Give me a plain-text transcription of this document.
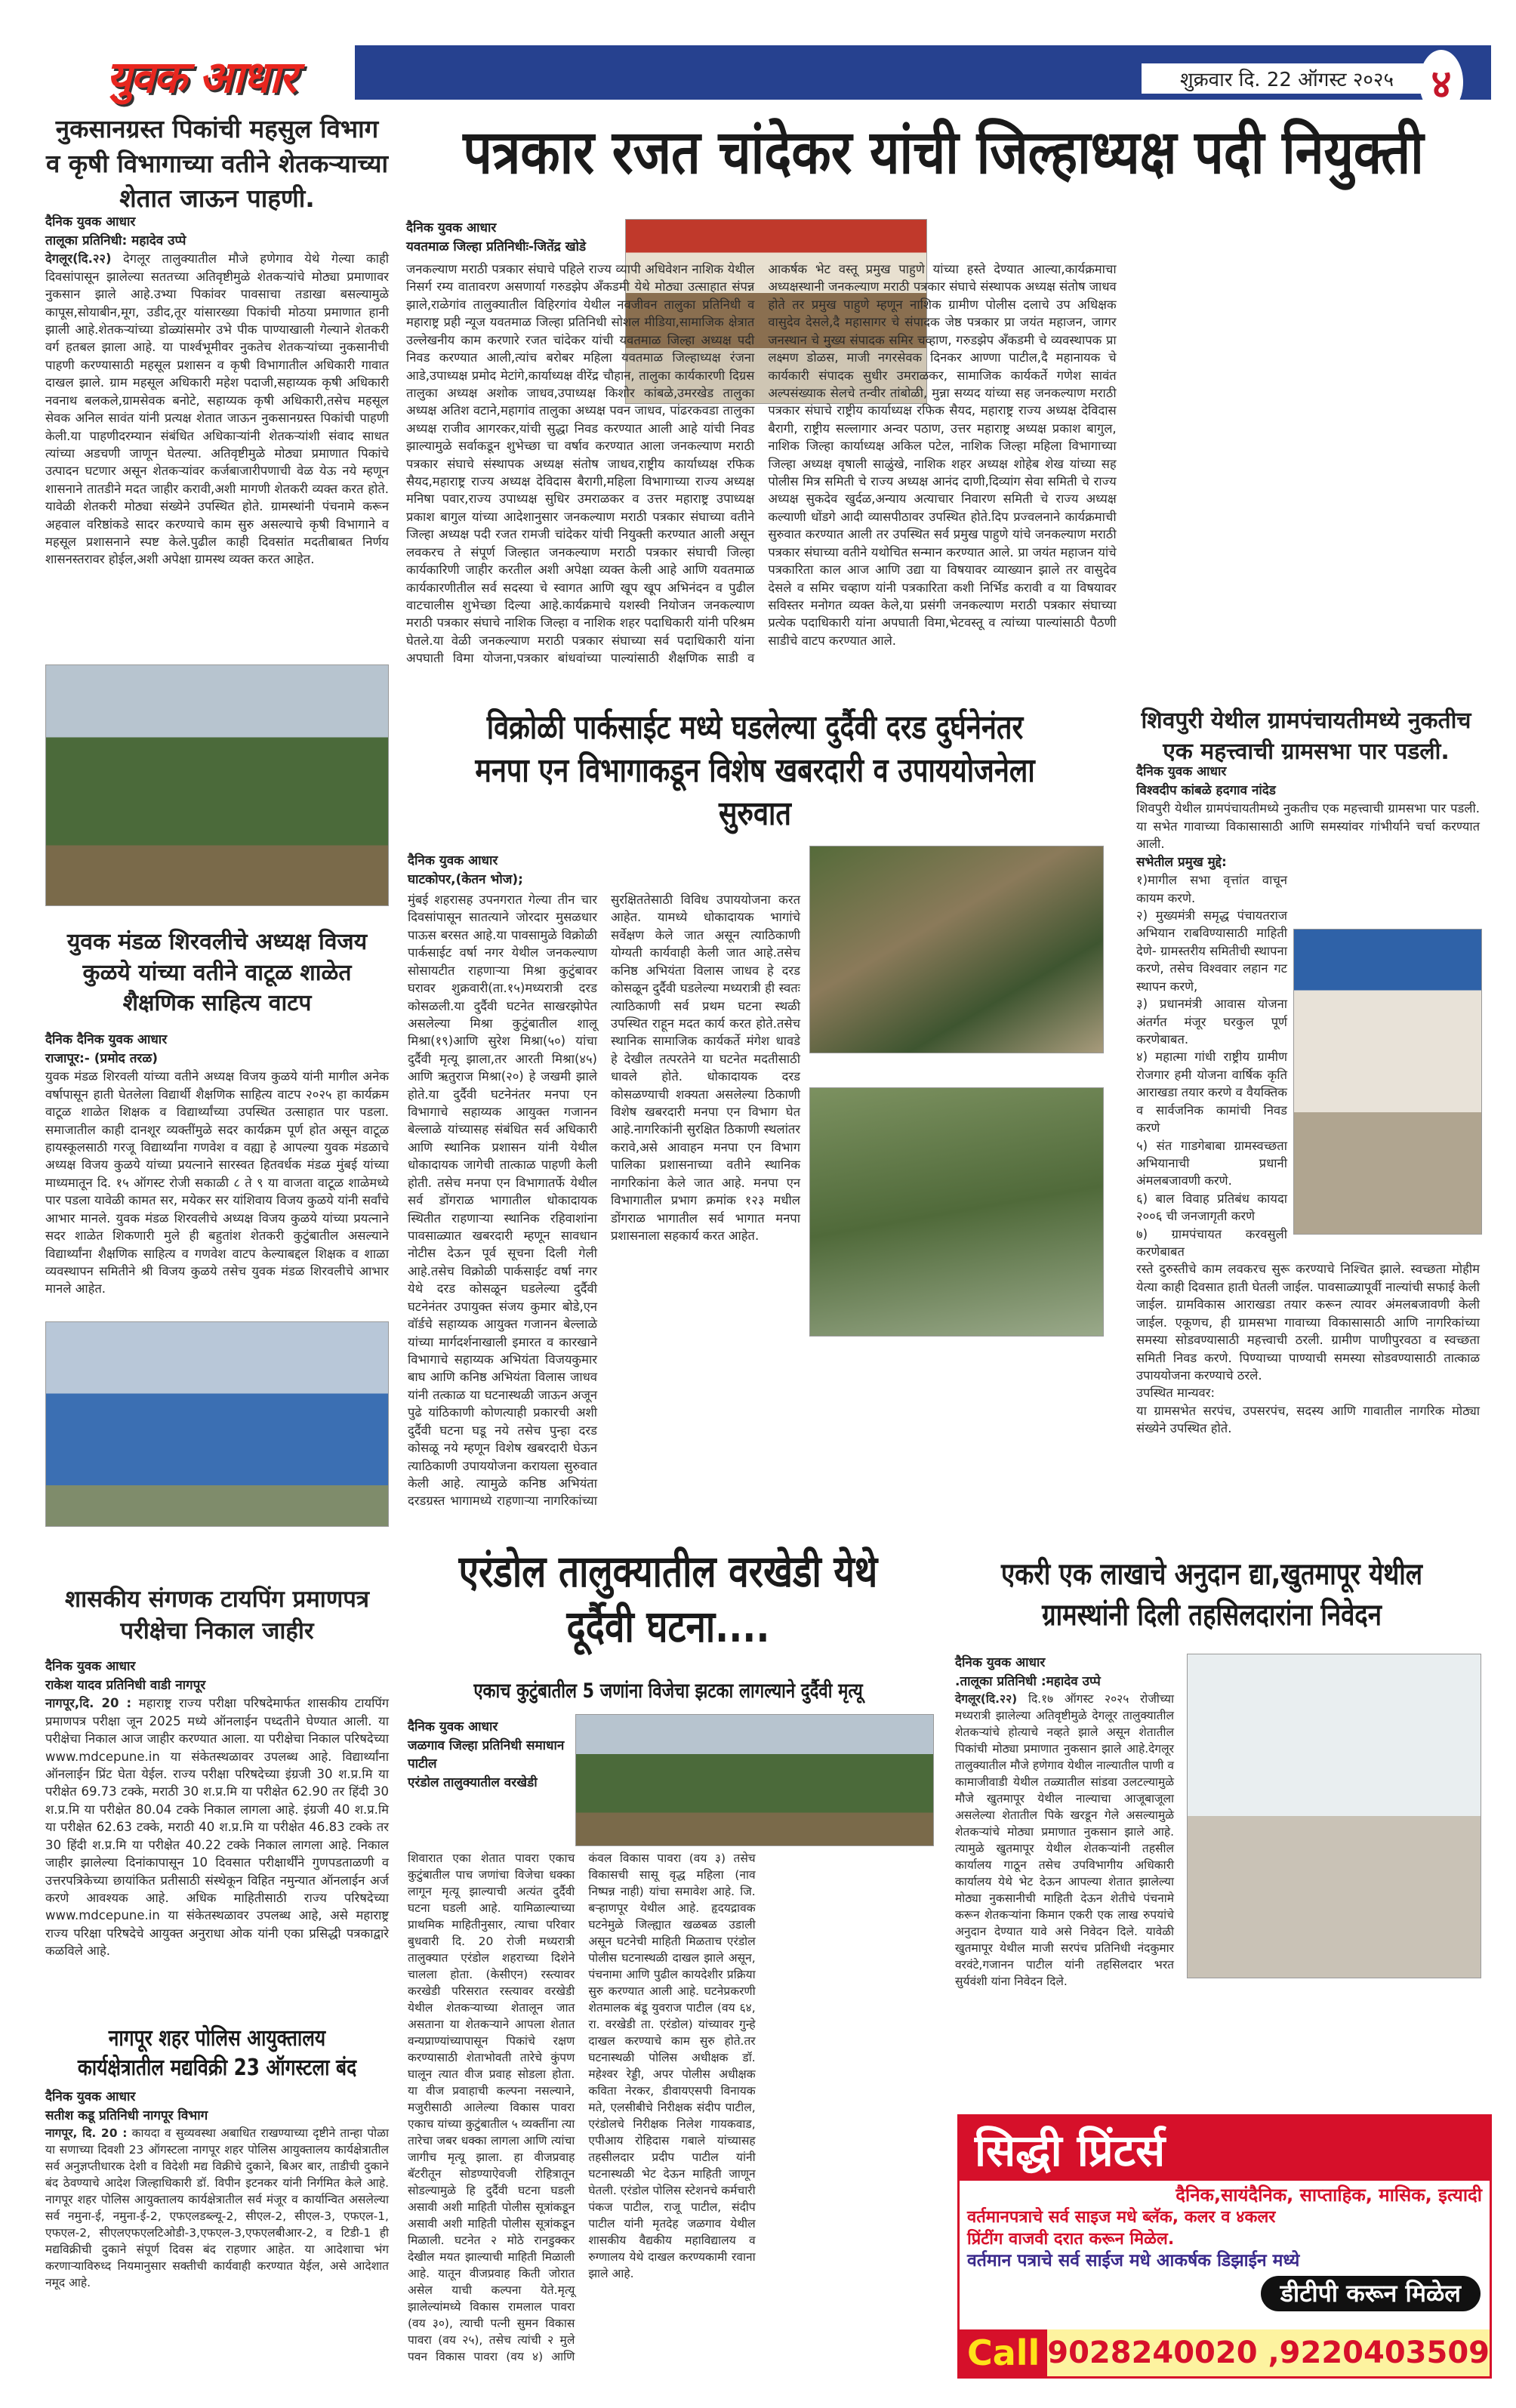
युवक आधार	शुक्रवार दि. 22 ऑगस्ट २०२५ ४
नुकसानग्रस्त पिकांची महसुल विभाग व कृषी विभागाच्या वतीने शेतकऱ्याच्या शेतात जाऊन पाहणी.
दैनिक युवक आधार
तालूका प्रतिनिधी: महादेव उप्पे
देगलूर(दि.२२) देगलूर तालुक्यातील मौजे हणेगाव येथे गेल्या काही दिवसांपासून झालेल्या सततच्या अतिवृष्टीमुळे शेतकऱ्यांचे मोठ्या प्रमाणावर नुकसान झाले आहे.उभ्या पिकांवर पावसाचा तडाखा बसल्यामुळे कापूस,सोयाबीन,मूग, उडीद,तूर यांसारख्या पिकांची मोठया प्रमाणात हानी झाली आहे.शेतकऱ्यांच्या डोळ्यांसमोर उभे पीक पाण्याखाली गेल्याने शेतकरी वर्ग हतबल झाला आहे. या पार्श्वभूमीवर नुकतेच शेतकऱ्यांच्या नुकसानीची पाहणी करण्यासाठी महसूल प्रशासन व कृषी विभागातील अधिकारी गावात दाखल झाले. ग्राम महसूल अधिकारी महेश पदाजी,सहाय्यक कृषी अधिकारी नवनाथ बलकले,ग्रामसेवक बनोटे, सहाय्यक कृषी अधिकारी,तसेच महसूल सेवक अनिल सावंत यांनी प्रत्यक्ष शेतात जाऊन नुकसानग्रस्त पिकांची पाहणी केली.या पाहणीदरम्यान संबंधित अधिकाऱ्यांनी शेतकऱ्यांशी संवाद साधत त्यांच्या अडचणी जाणून घेतल्या. अतिवृष्टीमुळे मोठ्या प्रमाणात पिकांचे उत्पादन घटणार असून शेतकऱ्यांवर कर्जबाजारीपणाची वेळ येऊ नये म्हणून शासनाने तातडीने मदत जाहीर करावी,अशी मागणी शेतकरी व्यक्त करत होते. यावेळी शेतकरी मोठ्या संख्येने उपस्थित होते. ग्रामस्थांनी पंचनामे करून अहवाल वरिष्ठांकडे सादर करण्याचे काम सुरु असल्याचे कृषी विभागाने व महसूल प्रशासनाने स्पष्ट केले.पुढील काही दिवसांत मदतीबाबत निर्णय शासनस्तरावर होईल,अशी अपेक्षा ग्रामस्थ व्यक्त करत आहेत.
पत्रकार रजत चांदेकर यांची जिल्हाध्यक्ष पदी नियुक्ती
दैनिक युवक आधार
यवतमाळ जिल्हा प्रतिनिधीः-जितेंद्र खोडे
जनकल्याण मराठी पत्रकार संघाचे पहिले राज्य व्यापी अधिवेशन नाशिक येथील निसर्ग रम्य वातावरण असणार्या गरुडझेप अँकडमी येथे मोठ्या उत्साहात संपन्न झाले,राळेगांव तालुक्यातील विहिरगांव येथील नवजीवन तालुका प्रतिनिधी व महाराष्ट्र प्रही न्यूज यवतमाळ जिल्हा प्रतिनिधी सोशल मीडिया,सामाजिक क्षेत्रात उल्लेखनीय काम करणारे रजत चांदेकर यांची यवतमाळ जिल्हा अध्यक्ष पदी निवड करण्यात आली,त्यांच बरोबर महिला यवतमाळ जिल्हाध्यक्ष रंजना आडे,उपाध्यक्ष प्रमोद मेटांगे,कार्याध्यक्ष वीरेंद्र चौहान, तालुका कार्यकारणी दिग्रस तालुका अध्यक्ष अशोक जाधव,उपाध्यक्ष किशोर कांबळे,उमरखेड तालुका अध्यक्ष अतिश वटाने,महागांव तालुका अध्यक्ष पवन जाधव, पांढरकवडा तालुका अध्यक्ष राजीव आगरकर,यांची सुद्धा निवड करण्यात आली आहे यांची निवड झाल्यामुळे सर्वाकडून शुभेच्छा चा वर्षाव करण्यात आला जनकल्याण मराठी पत्रकार संघाचे संस्थापक अध्यक्ष संतोष जाधव,राष्ट्रीय कार्याध्यक्ष रफिक सैयद,महाराष्ट्र राज्य अध्यक्ष देविदास बैरागी,महिला विभागाच्या राज्य अध्यक्ष मनिषा पवार,राज्य उपाध्यक्ष सुधिर उमराळकर व उत्तर महाराष्ट्र उपाध्यक्ष प्रकाश बागुल यांच्या आदेशानुसार जनकल्याण मराठी पत्रकार संघाच्या वतीने जिल्हा अध्यक्ष पदी रजत रामजी चांदेकर यांची नियुक्ती करण्यात आली असून लवकरच ते संपूर्ण जिल्हात जनकल्याण मराठी पत्रकार संघाची जिल्हा कार्यकारिणी जाहीर करतील अशी अपेक्षा व्यक्त केली आहे आणि यवतमाळ कार्यकारणीतील सर्व सदस्या चे स्वागत आणि खूप खूप अभिनंदन व पुढील वाटचालीस शुभेच्छा दिल्या आहे.कार्यक्रमाचे यशस्वी नियोजन जनकल्याण मराठी पत्रकार संघाचे नाशिक जिल्हा व नाशिक शहर पदाधिकारी यांनी परिश्रम घेतले.या वेळी जनकल्याण मराठी पत्रकार संघाच्या सर्व पदाधिकारी यांना अपघाती विमा योजना,पत्रकार बांधवांच्या पाल्यांसाठी शैक्षणिक साडी व आकर्षक भेट वस्तू प्रमुख पाहुणे यांच्या हस्ते देण्यात आल्या,कार्यक्रमाचा अध्यक्षस्थानी जनकल्याण मराठी पत्रकार संघाचे संस्थापक अध्यक्ष संतोष जाधव होते तर प्रमुख पाहुणे म्हणून नाशिक ग्रामीण पोलीस दलाचे उप अधिक्षक वासुदेव देसले,दै महासागर चे संपादक जेष्ठ पत्रकार प्रा जयंत महाजन, जागर जनस्थान चे मुख्य संपादक समिर चव्हाण, गरुडझेप अँकडमी चे व्यवस्थापक प्रा लक्ष्मण डोळस, माजी नगरसेवक दिनकर आण्णा पाटील,दै महानायक चे कार्यकारी संपादक सुधीर उमराळकर, सामाजिक कार्यकर्ते गणेश सावंत अल्पसंख्याक सेलचे तन्वीर तांबोळी, मुन्ना सय्यद यांच्या सह जनकल्याण मराठी पत्रकार संघाचे राष्ट्रीय कार्याध्यक्ष रफिक सैयद, महाराष्ट्र राज्य अध्यक्ष देविदास बैरागी, राष्ट्रीय सल्लागार अन्वर पठाण, उत्तर महाराष्ट्र अध्यक्ष प्रकाश बागुल, नाशिक जिल्हा कार्याध्यक्ष अकिल पटेल, नाशिक जिल्हा महिला विभागाच्या जिल्हा अध्यक्ष वृषाली साळुंखे, नाशिक शहर अध्यक्ष शोहेब शेख यांच्या सह पोलीस मित्र समिती चे राज्य अध्यक्ष आनंद दाणी,दिव्यांग सेवा समिती चे राज्य अध्यक्ष सुकदेव खुर्दळ,अन्याय अत्याचार निवारण समिती चे राज्य अध्यक्ष कल्याणी धोंडगे आदी व्यासपीठावर उपस्थित होते.दिप प्रज्वलनाने कार्यक्रमाची सुरुवात करण्यात आली तर उपस्थित सर्व प्रमुख पाहुणे यांचे जनकल्याण मराठी पत्रकार संघाच्या वतीने यथोचित सन्मान करण्यात आले. प्रा जयंत महाजन यांचे पत्रकारिता काल आज आणि उद्या या विषयावर व्याख्यान झाले तर वासुदेव देसले व समिर चव्हाण यांनी पत्रकारिता कशी निर्भिड करावी व या विषयावर सविस्तर मनोगत व्यक्त केले,या प्रसंगी जनकल्याण मराठी पत्रकार संघाच्या प्रत्येक पदाधिकारी यांना अपघाती विमा,भेटवस्तू व त्यांच्या पाल्यांसाठी पैठणी साडीचे वाटप करण्यात आले.
युवक मंडळ शिरवलीचे अध्यक्ष विजय कुळये यांच्या वतीने वाटूळ शाळेत शैक्षणिक साहित्य वाटप
दैनिक दैनिक युवक आधार
राजापूर:- (प्रमोद तरळ)
युवक मंडळ शिरवली यांच्या वतीने अध्यक्ष विजय कुळये यांनी मागील अनेक वर्षापासून हाती घेतलेला विद्यार्थी शैक्षणिक साहित्य वाटप २०२५ हा कार्यक्रम वाटूळ शाळेत शिक्षक व विद्यार्थ्यांच्या उपस्थित उत्साहात पार पडला. समाजातील काही दानशूर व्यक्तींमुळे सदर कार्यक्रम पूर्ण होत असून वाटूळ हायस्कूलसाठी गरजू विद्यार्थ्यांना गणवेश व वह्या हे आपल्या युवक मंडळाचे अध्यक्ष विजय कुळये यांच्या प्रयत्नाने सारस्वत हितवर्धक मंडळ मुंबई यांच्या माध्यमातून दि. १५ ऑगस्ट रोजी सकाळी ८ ते ९ या वाजता वाटूळ शाळेमध्ये पार पडला यावेळी कामत सर, मयेकर सर यांशिवाय विजय कुळये यांनी सर्वांचे आभार मानले. युवक मंडळ शिरवलीचे अध्यक्ष विजय कुळये यांच्या प्रयत्नाने सदर शाळेत शिकणारी मुले ही बहुतांश शेतकरी कुटुंबातील असल्याने विद्यार्थ्यांना शैक्षणिक साहित्य व गणवेश वाटप केल्याबद्दल शिक्षक व शाळा व्यवस्थापन समितीने श्री विजय कुळये तसेच युवक मंडळ शिरवलीचे आभार मानले आहेत.
विक्रोळी पार्कसाईट मध्ये घडलेल्या दुर्दैवी दरड दुर्घनेनंतर मनपा एन विभागाकडून विशेष खबरदारी व उपाययोजनेला सुरुवात
दैनिक युवक आधार
घाटकोपर,(केतन भोज);
मुंबई शहरासह उपनगरात गेल्या तीन चार दिवसांपासून सातत्याने जोरदार मुसळधार पाऊस बरसत आहे.या पावसामुळे विक्रोळी पार्कसाईट वर्षा नगर येथील जनकल्याण सोसायटीत राहणाऱ्या मिश्रा कुटुंबावर घरावर शुक्रवारी(ता.१५)मध्यरात्री दरड कोसळली.या दुर्दैवी घटनेत साखरझोपेत असलेल्या मिश्रा कुटुंबातील शालू मिश्रा(१९)आणि सुरेश मिश्रा(५०) यांचा दुर्दैवी मृत्यू झाला,तर आरती मिश्रा(४५) आणि ऋतुराज मिश्रा(२०) हे जखमी झाले होते.या दुर्दैवी घटनेनंतर मनपा एन विभागाचे सहाय्यक आयुक्त गजानन बेल्लाळे यांच्यासह संबंधित सर्व अधिकारी आणि स्थानिक प्रशासन यांनी येथील धोकादायक जागेची तात्काळ पाहणी केली होती. तसेच मनपा एन विभागातर्फे येथील सर्व डोंगराळ भागातील धोकादायक स्थितीत राहणाऱ्या स्थानिक रहिवाशांना पावसाळ्यात खबरदारी म्हणून सावधान नोटीस देऊन पूर्व सूचना दिली गेली आहे.तसेच विक्रोळी पार्कसाईट वर्षा नगर येथे दरड कोसळून घडलेल्या दुर्दैवी घटनेनंतर उपायुक्त संजय कुमार बोडे,एन वॉर्डचे सहाय्यक आयुक्त गजानन बेल्लाळे यांच्या मार्गदर्शनाखाली इमारत व कारखाने विभागाचे सहाय्यक अभियंता विजयकुमार बाघ आणि कनिष्ठ अभियंता विलास जाधव यांनी तत्काळ या घटनास्थळी जाऊन अजून पुढे यांठिकाणी कोणत्याही प्रकारची अशी दुर्दैवी घटना घडू नये तसेच पुन्हा दरड कोसळू नये म्हणून विशेष खबरदारी घेऊन त्याठिकाणी उपाययोजना करायला सुरुवात केली आहे. त्यामुळे कनिष्ठ अभियंता दरडग्रस्त भागामध्ये राहणाऱ्या नागरिकांच्या सुरक्षिततेसाठी विविध उपाययोजना करत आहेत. यामध्ये धोकादायक भागांचे सर्वेक्षण केले जात असून त्याठिकाणी योग्यती कार्यवाही केली जात आहे.तसेच कनिष्ठ अभियंता विलास जाधव हे दरड कोसळून दुर्दैवी घडलेल्या मध्यरात्री ही स्वतः त्याठिकाणी सर्व प्रथम घटना स्थळी उपस्थित राहून मदत कार्य करत होते.तसेच स्थानिक सामाजिक कार्यकर्ते मंगेश धावडे हे देखील तत्परतेने या घटनेत मदतीसाठी धावले होते. धोकादायक दरड कोसळण्याची शक्यता असलेल्या ठिकाणी विशेष खबरदारी मनपा एन विभाग घेत आहे.नागरिकांनी सुरक्षित ठिकाणी स्थलांतर करावे,असे आवाहन मनपा एन विभाग पालिका प्रशासनाच्या वतीने स्थानिक नागरिकांना केले जात आहे. मनपा एन विभागातील प्रभाग क्रमांक १२३ मधील डोंगराळ भागातील सर्व भागात मनपा प्रशासनाला सहकार्य करत आहेत.
शिवपुरी येथील ग्रामपंचायतीमध्ये नुकतीच एक महत्त्वाची ग्रामसभा पार पडली.
दैनिक युवक आधार
विश्वदीप कांबळे हदगाव नांदेड
शिवपुरी येथील ग्रामपंचायतीमध्ये नुकतीच एक महत्त्वाची ग्रामसभा पार पडली. या सभेत गावाच्या विकासासाठी आणि समस्यांवर गांभीर्याने चर्चा करण्यात आली.
सभेतील प्रमुख मुद्दे:
१)मागील सभा वृत्तांत वाचून कायम करणे.
२) मुख्यमंत्री समृद्ध पंचायतराज अभियान राबविण्यासाठी माहिती देणे- ग्रामस्तरीय समितीची स्थापना करणे, तसेच विश्ववार लहान गट स्थापन करणे,
३) प्रधानमंत्री आवास योजना अंतर्गत मंजूर घरकुल पूर्ण करणेबाबत.
४) महात्मा गांधी राष्ट्रीय ग्रामीण रोजगार हमी योजना वार्षिक कृति आराखडा तयार करणे व वैयक्तिक व सार्वजनिक कामांची निवड करणे
५) संत गाडगेबाबा ग्रामस्वच्छता अभियानाची प्रधानी अंमलबजावणी करणे.
६) बाल विवाह प्रतिबंध कायदा २००६ ची जनजागृती करणे
७) ग्रामपंचायत करवसुली करणेबाबत
रस्ते दुरुस्तीचे काम लवकरच सुरू करण्याचे निश्चित झाले. स्वच्छता मोहीम येत्या काही दिवसात हाती घेतली जाईल. पावसाळ्यापूर्वी नाल्यांची सफाई केली जाईल. ग्रामविकास आराखडा तयार करून त्यावर अंमलबजावणी केली जाईल. एकूणच, ही ग्रामसभा गावाच्या विकासासाठी आणि नागरिकांच्या समस्या सोडवण्यासाठी महत्त्वाची ठरली. ग्रामीण पाणीपुरवठा व स्वच्छता समिती निवड करणे. पिण्याच्या पाण्याची समस्या सोडवण्यासाठी तात्काळ उपाययोजना करण्याचे ठरले.
उपस्थित मान्यवर:
या ग्रामसभेत सरपंच, उपसरपंच, सदस्य आणि गावातील नागरिक मोठ्या संख्येने उपस्थित होते.
शासकीय संगणक टायपिंग प्रमाणपत्र परीक्षेचा निकाल जाहीर
दैनिक युवक आधार
राकेश यादव प्रतिनिधी वाडी नागपूर
नागपूर,दि. 20 : महाराष्ट्र राज्य परीक्षा परिषदेमार्फत शासकीय टायपिंग प्रमाणपत्र परीक्षा जून 2025 मध्ये ऑनलाईन पध्दतीने घेण्यात आली. या परीक्षेचा निकाल आज जाहीर करण्यात आला. या परीक्षेचा निकाल परिषदेच्या www.mdcepune.in या संकेतस्थळावर उपलब्ध आहे. विद्यार्थ्यांना ऑनलाईन प्रिंट घेता येईल. राज्य परीक्षा परिषदेच्या इंग्रजी 30 श.प्र.मि या परीक्षेत 69.73 टक्के, मराठी 30 श.प्र.मि या परीक्षेत 62.90 तर हिंदी 30 श.प्र.मि या परीक्षेत 80.04 टक्के निकाल लागला आहे. इंग्रजी 40 श.प्र.मि या परीक्षेत 62.63 टक्के, मराठी 40 श.प्र.मि या परीक्षेत 46.83 टक्के तर 30 हिंदी श.प्र.मि या परीक्षेत 40.22 टक्के निकाल लागला आहे. निकाल जाहीर झालेल्या दिनांकापासून 10 दिवसात परीक्षार्थींने गुणपडताळणी व उत्तरपत्रिकेच्या छायांकित प्रतीसाठी संस्थेकून विहित नमुन्यात ऑनलाईन अर्ज करणे आवश्यक आहे. अधिक माहितीसाठी राज्य परिषदेच्या www.mdcepune.in या संकेतस्थळावर उपलब्ध आहे, असे महाराष्ट्र राज्य परिक्षा परिषदेचे आयुक्त अनुराधा ओक यांनी एका प्रसिद्धी पत्रकाद्वारे कळविले आहे.
नागपूर शहर पोलिस आयुक्तालय कार्यक्षेत्रातील मद्यविक्री 23 ऑगस्टला बंद
दैनिक युवक आधार
सतीश कडू प्रतिनिधी नागपूर विभाग
नागपूर, दि. 20 : कायदा व सुव्यवस्था अबाधित राखण्याच्या दृष्टीने तान्हा पोळा या सणाच्या दिवशी 23 ऑगस्टला नागपूर शहर पोलिस आयुक्तालय कार्यक्षेत्रातील सर्व अनुज्ञप्तीधारक देशी व विदेशी मद्य विक्रीचे दुकाने, बिअर बार, ताडीची दुकाने बंद ठेवण्याचे आदेश जिल्हाधिकारी डॉ. विपीन इटनकर यांनी निर्गमित केले आहे. नागपूर शहर पोलिस आयुक्तालय कार्यक्षेत्रातील सर्व मंजूर व कार्यान्वित असलेल्या सर्व नमुना-ई, नमुना-ई-2, एफएलडब्ल्यू-2, सीएल-2, सीएल-3, एफएल-1, एफएल-2, सीएलएफएलटिओडी-3,एफएल-3,एफएलबीआर-2, व टिडी-1 ही मद्यविक्रीची दुकाने संपूर्ण दिवस बंद राहणार आहेत. या आदेशाचा भंग करणाऱ्याविरुध्द नियमानुसार सक्तीची कार्यवाही करण्यात येईल, असे आदेशात नमूद आहे.
एरंडोल तालुक्यातील वरखेडी येथे दूर्दैवी घटना....
एकाच कुटुंबातील 5 जणांना विजेचा झटका लागल्याने दुर्दैवी मृत्यू
दैनिक युवक आधार
जळगाव जिल्हा प्रतिनिधी समाधान पाटील
एरंडोल तालुक्यातील वरखेडी
शिवारात एका शेतात पावरा एकाच कुटुंबातील पाच जणांचा विजेचा धक्का लागून मृत्यू झाल्याची अत्यंत दुर्दैवी घटना घडली आहे. यामिळाल्याच्या प्राथमिक माहितीनुसार, त्याचा परिवार बुधवारी दि. 20 रोजी मध्यरात्री तालुक्यात एरंडोल शहराच्या दिशेने चालला होता. (केसीएन) रस्त्यावर करखेडी परिसरात रस्त्यावर वरखेडी येथील शेतकऱ्याच्या शेतालून जात असताना या शेतकऱ्याने आपला शेतात वन्यप्राण्यांच्यापासून पिकांचे रक्षण करण्यासाठी शेताभोवती तारेचे कुंपण घालून त्यात वीज प्रवाह सोडला होता. या वीज प्रवाहाची कल्पना नसल्याने, मजुरीसाठी आलेल्या विकास पावरा एकाच यांच्या कुटुंबातील ५ व्यक्तींना त्या तारेचा जबर धक्का लागला आणि त्यांचा जागीच मृत्यू झाला. हा वीजप्रवाह बॅटरीतून सोडण्याऐवजी रोहित्रातून सोडल्यामुळे हि दुर्दैवी घटना घडली असावी अशी माहिती पोलीस सूत्रांकडून असावी अशी माहिती पोलीस सूत्रांकडून मिळाली. घटनेत २ मोठे रानडुक्कर देखील मयत झाल्याची माहिती मिळाली आहे. यातून वीजप्रवाह किती जोरात असेल याची कल्पना येते.मृत्यू झालेल्यांमध्ये विकास रामलाल पावरा (वय ३०), त्याची पत्नी सुमन विकास पावरा (वय २५), तसेच त्यांची २ मुले पवन विकास पावरा (वय ४) आणि कंवल विकास पावरा (वय ३) तसेच विकासची सासू वृद्ध महिला (नाव निष्पन्न नाही) यांचा समावेश आहे. जि. बऱ्हाणपूर येथील आहे. हृदयद्रावक घटनेमुळे जिल्ह्यात खळबळ उडाली असून घटनेची माहिती मिळताच एरंडोल पोलीस घटनास्थळी दाखल झाले असून, पंचनामा आणि पुढील कायदेशीर प्रक्रिया सुरु करण्यात आली आहे. घटनेप्रकरणी शेतमालक बंडू युवराज पाटील (वय ६४, रा. वरखेडी ता. एरंडोल) यांच्यावर गुन्हे दाखल करण्याचे काम सुरु होते.तर घटनास्थळी पोलिस अधीक्षक डॉ. महेश्वर रेड्डी, अपर पोलीस अधीक्षक कविता नेरकर, डीवायएसपी विनायक मते, एलसीबीचे निरीक्षक संदीप पाटील, एरंडोलचे निरीक्षक निलेश गायकवाड, एपीआय रोहिदास गबाले यांच्यासह तहसीलदार प्रदीप पाटील यांनी घटनास्थळी भेट देऊन माहिती जाणून घेतली. एरंडोल पोलिस स्टेशनचे कर्मचारी पंकज पाटील, राजू पाटील, संदीप पाटील यांनी मृतदेह जळगाव येथील शासकीय वैद्यकीय महाविद्यालय व रुग्णालय येथे दाखल करण्यकामी रवाना झाले आहे.
एकरी एक लाखाचे अनुदान द्या,खुतमापूर येथील ग्रामस्थांनी दिली तहसिलदारांना निवेदन
दैनिक युवक आधार
.तालूका प्रतिनिधी :महादेव उप्पे
देगलूर(दि.२२) दि.१७ ऑगस्ट २०२५ रोजीच्या मध्यरात्री झालेल्या अतिवृष्टीमुळे देगलूर तालुक्यातील शेतकऱ्यांचे होत्याचे नव्हते झाले असून शेतातील पिकांची मोठ्या प्रमाणात नुकसान झाले आहे.देगलूर तालुक्यातील मौजे हणेगाव येथील नाल्यातील पाणी व कामाजीवाडी येथील तळ्यातील सांडवा उलटल्यामुळे मौजे खुतमापूर येथील नाल्याचा आजूबाजूला असलेल्या शेतातील पिके खरडून गेले असल्यामुळे शेतकऱ्यांचे मोठ्या प्रमाणात नुकसान झाले आहे. त्यामुळे खुतमापूर येथील शेतकऱ्यांनी तहसील कार्यालय गाठून तसेच उपविभागीय अधिकारी कार्यालय येथे भेट देऊन आपल्या शेतात झालेल्या मोठ्या नुकसानीची माहिती देऊन शेतीचे पंचनामे करून शेतकऱ्यांना किमान एकरी एक लाख रुपयांचे अनुदान देण्यात यावे असे निवेदन दिले. यावेळी खुतमापूर येथील माजी सरपंच प्रतिनिधी नंदकुमार वरवंटे,गजानन पाटील यांनी तहसिलदार भरत सुर्यवंशी यांना निवेदन दिले.
सिद्धी प्रिंटर्स
दैनिक,सायंदैनिक, साप्ताहिक, मासिक, इत्यादी
वर्तमानपत्राचे सर्व साइज मधे ब्लॅक, कलर व ४कलर
प्रिंटींग वाजवी दरात करून मिळेल.
वर्तमान पत्राचे सर्व साईज मधे आकर्षक डिझाईन मध्ये
डीटीपी करून मिळेल
Call 9028240020 ,9220403509
